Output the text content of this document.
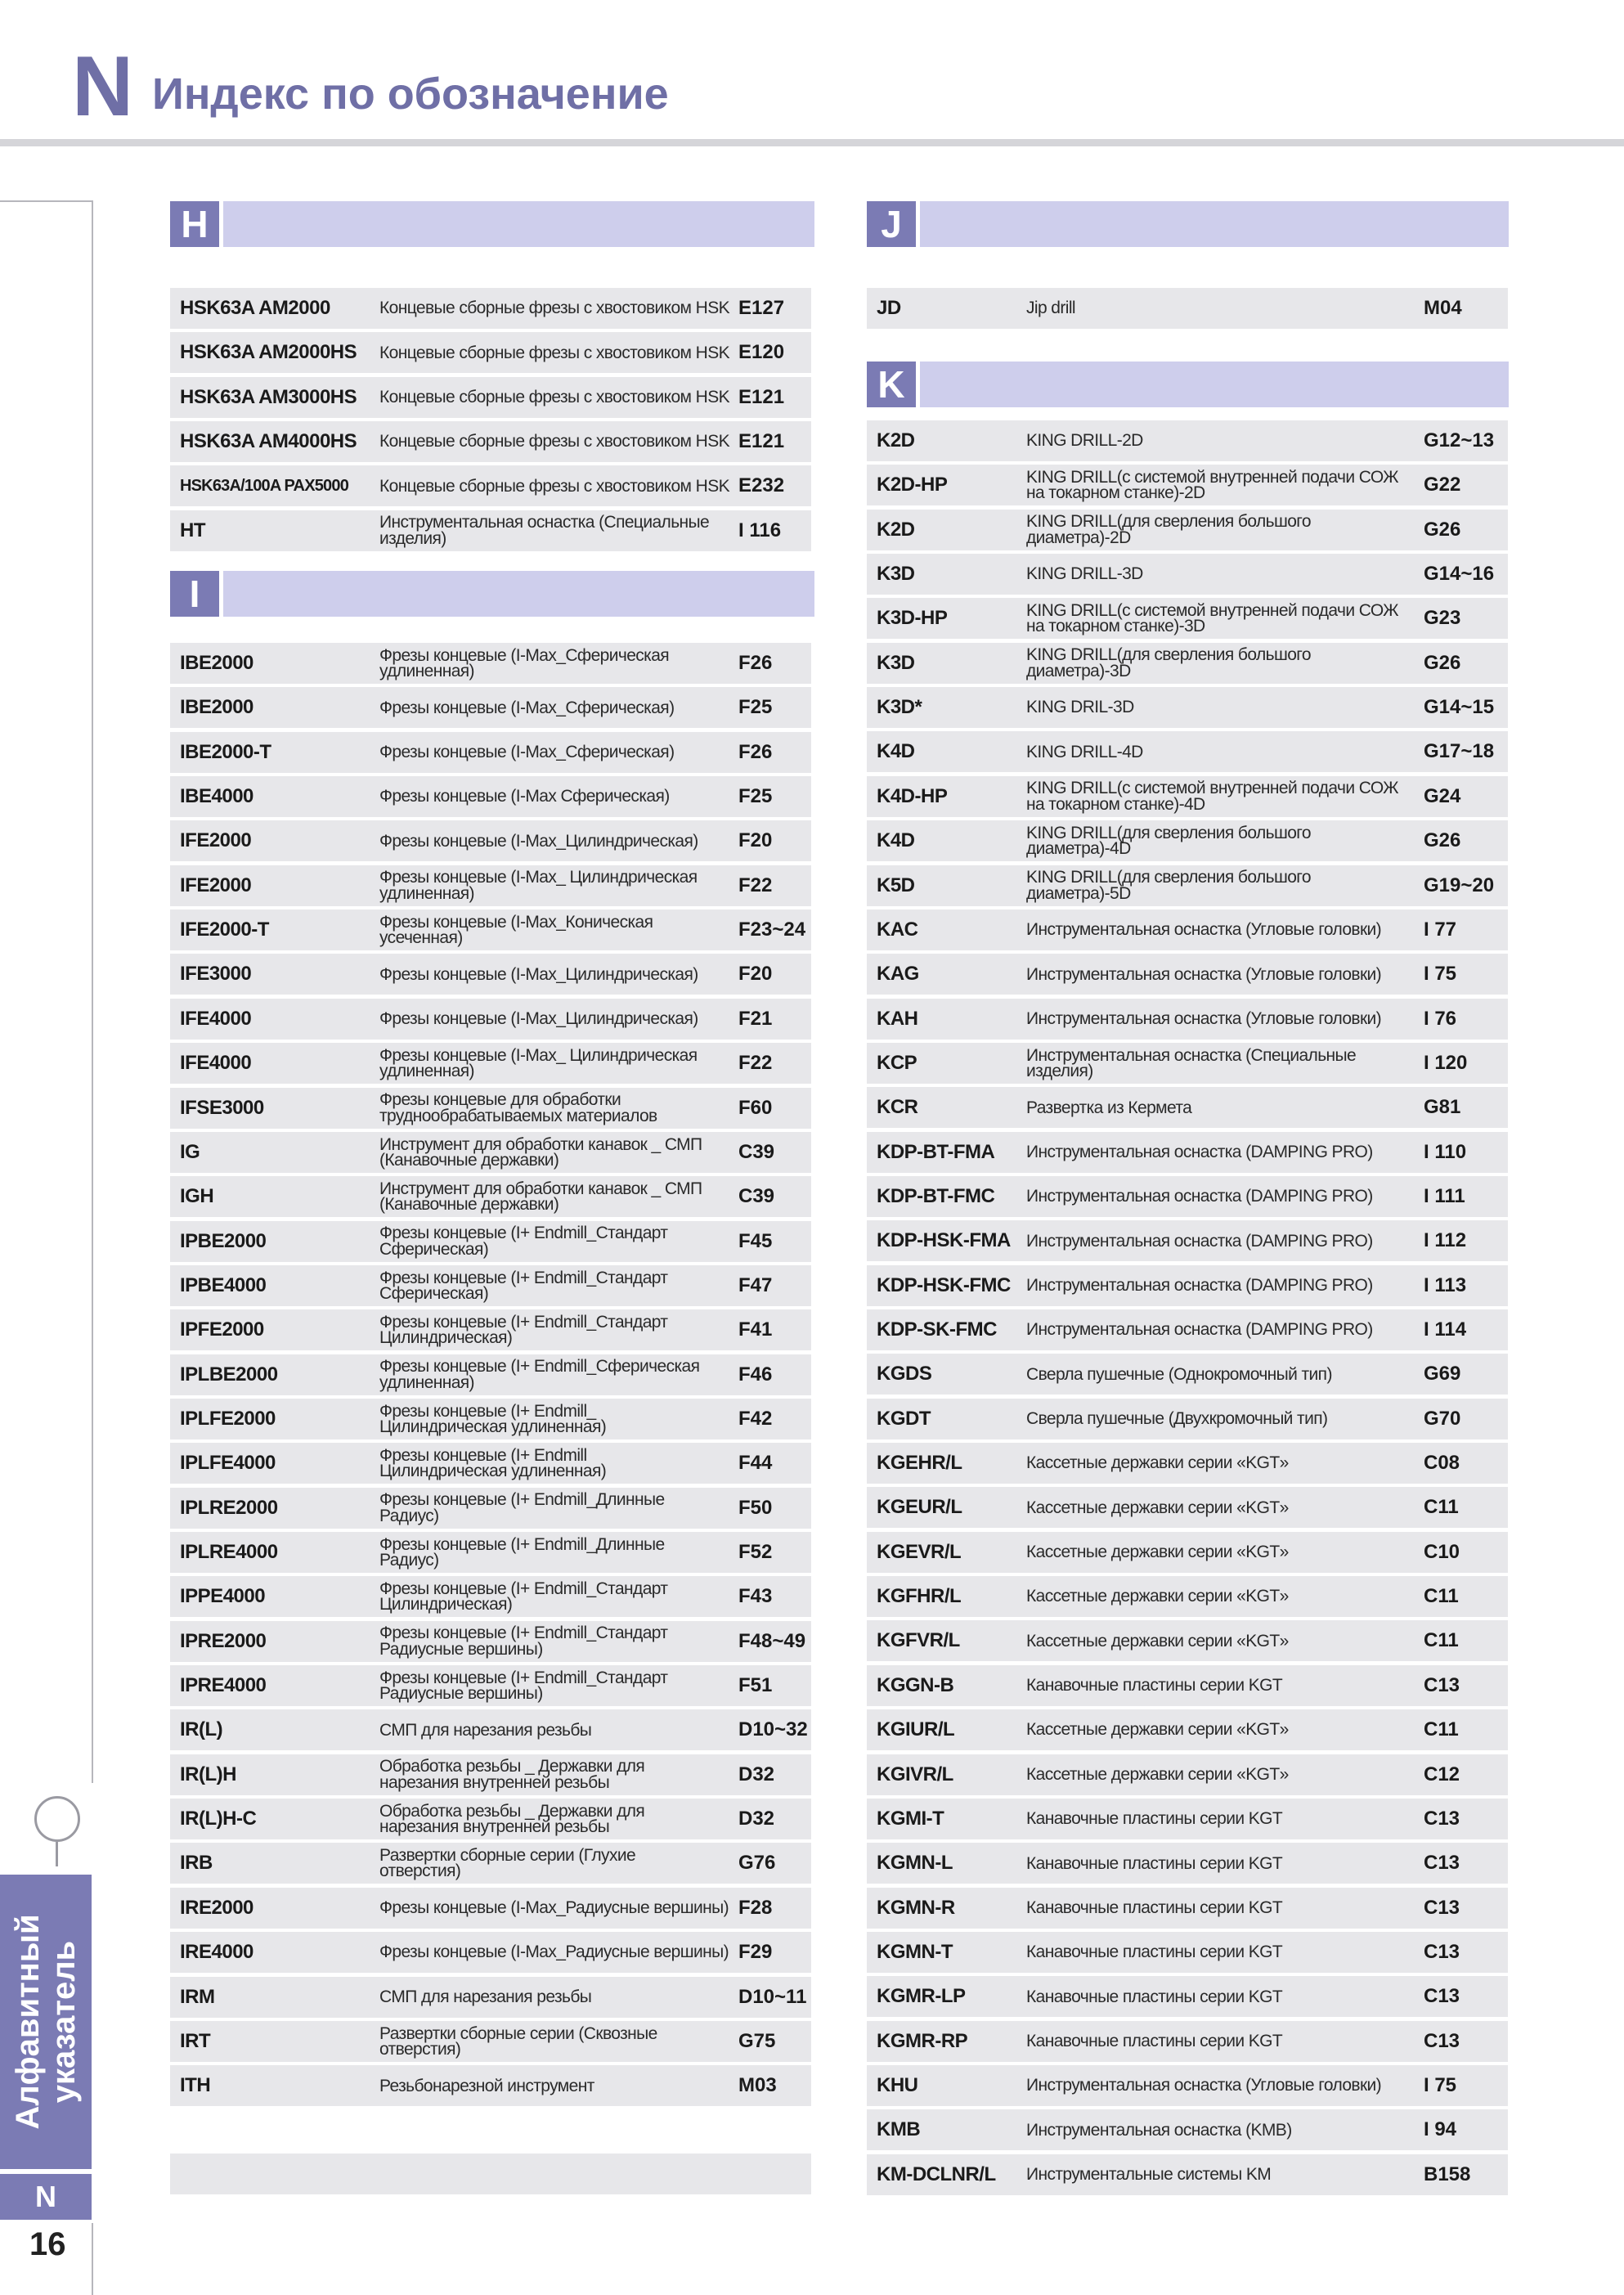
N Индекс по обозначение
Алфавитный
указатель
N
16
H
I
J
K
HSK63A AM2000	Концевые сборные фрезы с хвостовиком HSK E127
HSK63A AM2000HS Концевые сборные фрезы с хвостовиком HSK E120
HSK63A AM3000HS Концевые сборные фрезы с хвостовиком HSK E121
HSK63A AM4000HS Концевые сборные фрезы с хвостовиком HSK E121
HSK63A/100A PAX5000 Концевые сборные фрезы с хвостовиком HSK E232
HT	Инструментальная оснастка (Специальные
изделия)	I 116
IBE2000	Фрезы концевые (I-Max_Сферическая
удлиненная)	F26
IBE2000	Фрезы концевые (I-Max_Сферическая)	F25
IBE2000-T	Фрезы концевые (I-Max_Сферическая)	F26
IBE4000	Фрезы концевые (I-Max Сферическая)	F25
IFE2000	Фрезы концевые (I-Max_Цилиндрическая) F20
IFE2000	Фрезы концевые (I-Max_ Цилиндрическая
удлиненная)	F22
IFE2000-T	Фрезы концевые (I-Max_Коническая
усеченная)	F23~24
IFE3000	Фрезы концевые (I-Max_Цилиндрическая) F20
IFE4000	Фрезы концевые (I-Max_Цилиндрическая) F21
IFE4000	Фрезы концевые (I-Max_ Цилиндрическая
удлиненная)	F22
IFSE3000	Фрезы концевые для обработки
труднообрабатываемых материалов	F60
IG	Инструмент для обработки канавок _ СМП
(Канавочные державки)	C39
IGH	Инструмент для обработки канавок _ СМП
(Канавочные державки)	C39
IPBE2000	Фрезы концевые (I+ Endmill_Стандарт
Сферическая)	F45
IPBE4000	Фрезы концевые (I+ Endmill_Стандарт
Сферическая)	F47
IPFE2000	Фрезы концевые (I+ Endmill_Стандарт
Цилиндрическая)	F41
IPLBE2000	Фрезы концевые (I+ Endmill_Сферическая
удлиненная)	F46
IPLFE2000	Фрезы концевые (I+ Endmill_
Цилиндрическая удлиненная)	F42
IPLFE4000	Фрезы концевые (I+ Endmill
Цилиндрическая удлиненная)	F44
IPLRE2000	Фрезы концевые (I+ Endmill_Длинные
Радиус)	F50
IPLRE4000	Фрезы концевые (I+ Endmill_Длинные
Радиус)	F52
IPPE4000	Фрезы концевые (I+ Endmill_Стандарт
Цилиндрическая)	F43
IPRE2000	Фрезы концевые (I+ Endmill_Стандарт
Радиусные вершины)	F48~49
IPRE4000	Фрезы концевые (I+ Endmill_Стандарт
Радиусные вершины)	F51
IR(L)	СМП для нарезания резьбы	D10~32
IR(L)H	Обработка резьбы _ Державки для
нарезания внутренней резьбы	D32
IR(L)H-C	Обработка резьбы _ Державки для
нарезания внутренней резьбы	D32
IRB	Развертки сборные серии (Глухие
отверстия)	G76
IRE2000	Фрезы концевые (I-Max_Радиусные вершины) F28
IRE4000	Фрезы концевые (I-Max_Радиусные вершины) F29
IRM	СМП для нарезания резьбы	D10~11
IRT	Развертки сборные серии (Сквозные
отверстия)	G75
ITH	Резьбонарезной инструмент	M03
JD	Jip drill	M04
K2D	KING DRILL-2D	G12~13
K2D-HP	KING DRILL(с системой внутренней подачи СОЖ
на токарном станке)-2D	G22
K2D	KING DRILL(для сверления большого
диаметра)-2D	G26
K3D	KING DRILL-3D	G14~16
K3D-HP	KING DRILL(с системой внутренней подачи СОЖ
на токарном станке)-3D	G23
K3D	KING DRILL(для сверления большого
диаметра)-3D	G26
K3D*	KING DRIL-3D	G14~15
K4D	KING DRILL-4D	G17~18
K4D-HP	KING DRILL(с системой внутренней подачи СОЖ
на токарном станке)-4D	G24
K4D	KING DRILL(для сверления большого
диаметра)-4D	G26
K5D	KING DRILL(для сверления большого
диаметра)-5D	G19~20
KAC	Инструментальная оснастка (Угловые головки) I 77
KAG	Инструментальная оснастка (Угловые головки) I 75
KAH	Инструментальная оснастка (Угловые головки) I 76
KCP	Инструментальная оснастка (Специальные
изделия)	I 120
KCR	Развертка из Кермета	G81
KDP-BT-FMA Инструментальная оснастка (DAMPING PRO)	I 110
KDP-BT-FMC Инструментальная оснастка (DAMPING PRO)	I 111
KDP-HSK-FMA Инструментальная оснастка (DAMPING PRO)	I 112
KDP-HSK-FMC Инструментальная оснастка (DAMPING PRO)	I 113
KDP-SK-FMC Инструментальная оснастка (DAMPING PRO)	I 114
KGDS	Сверла пушечные (Однокромочный тип)	G69
KGDT	Сверла пушечные (Двухкромочный тип)	G70
KGEHR/L	Кассетные державки серии «KGT»	C08
KGEUR/L	Кассетные державки серии «KGT»	C11
KGEVR/L	Кассетные державки серии «KGT»	C10
KGFHR/L	Кассетные державки серии «KGT»	C11
KGFVR/L	Кассетные державки серии «KGT»	C11
KGGN-B	Канавочные пластины серии KGT	C13
KGIUR/L	Кассетные державки серии «KGT»	C11
KGIVR/L	Кассетные державки серии «KGT»	C12
KGMI-T	Канавочные пластины серии KGT	C13
KGMN-L	Канавочные пластины серии KGT	C13
KGMN-R	Канавочные пластины серии KGT	C13
KGMN-T	Канавочные пластины серии KGT	C13
KGMR-LP	Канавочные пластины серии KGT	C13
KGMR-RP	Канавочные пластины серии KGT	C13
KHU	Инструментальная оснастка (Угловые головки) I 75
KMB	Инструментальная оснастка (KMB)	I 94
KM-DCLNR/L Инструментальные системы KM	B158
